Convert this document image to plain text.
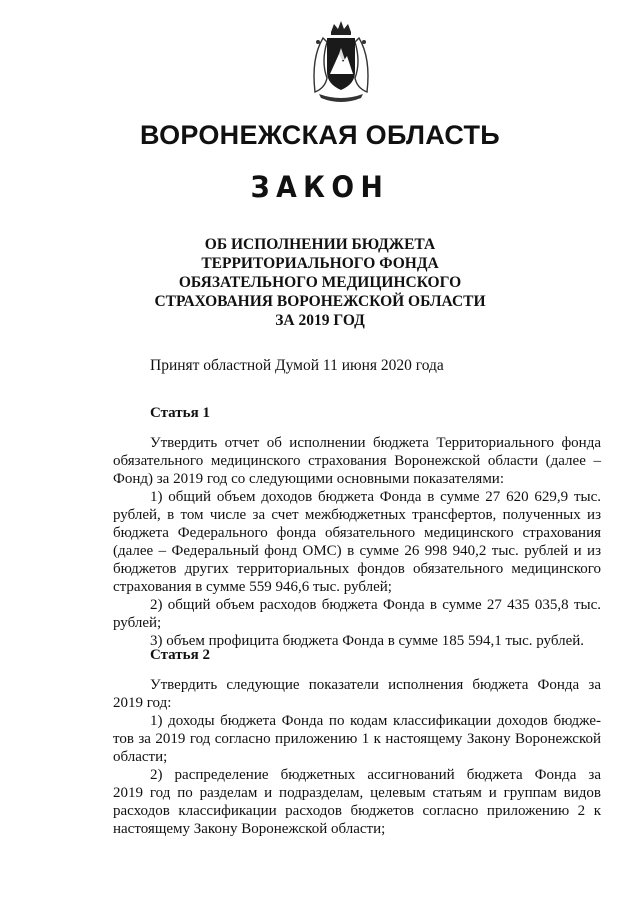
ВОРОНЕЖСКАЯ ОБЛАСТЬ
ЗАКОН
ОБ ИСПОЛНЕНИИ БЮДЖЕТА
ТЕРРИТОРИАЛЬНОГО ФОНДА
ОБЯЗАТЕЛЬНОГО МЕДИЦИНСКОГО
СТРАХОВАНИЯ ВОРОНЕЖСКОЙ ОБЛАСТИ
ЗА 2019 ГОД
Принят областной Думой 11 июня 2020 года
Статья 1
Утвердить отчет об исполнении бюджета Территориального фонда
обязательного медицинского страхования Воронежской области (далее –
Фонд) за 2019 год со следующими основными показателями:
1) общий объем доходов бюджета Фонда в сумме 27 620 629,9 тыс.
рублей, в том числе за счет межбюджетных трансфертов, полученных из
бюджета Федерального фонда обязательного медицинского страхования
(далее – Федеральный фонд ОМС) в сумме 26 998 940,2 тыс. рублей и из
бюджетов других территориальных фондов обязательного медицинского
страхования в сумме 559 946,6 тыс. рублей;
2) общий объем расходов бюджета Фонда в сумме 27 435 035,8 тыс.
рублей;
3) объем профицита бюджета Фонда в сумме 185 594,1 тыс. рублей.
Статья 2
Утвердить следующие показатели исполнения бюджета Фонда за
2019 год:
1) доходы бюджета Фонда по кодам классификации доходов бюдже-
тов за 2019 год согласно приложению 1 к настоящему Закону Воронежской
области;
2) распределение бюджетных ассигнований бюджета Фонда за
2019 год по разделам и подразделам, целевым статьям и группам видов
расходов классификации расходов бюджетов согласно приложению 2 к
настоящему Закону Воронежской области;
